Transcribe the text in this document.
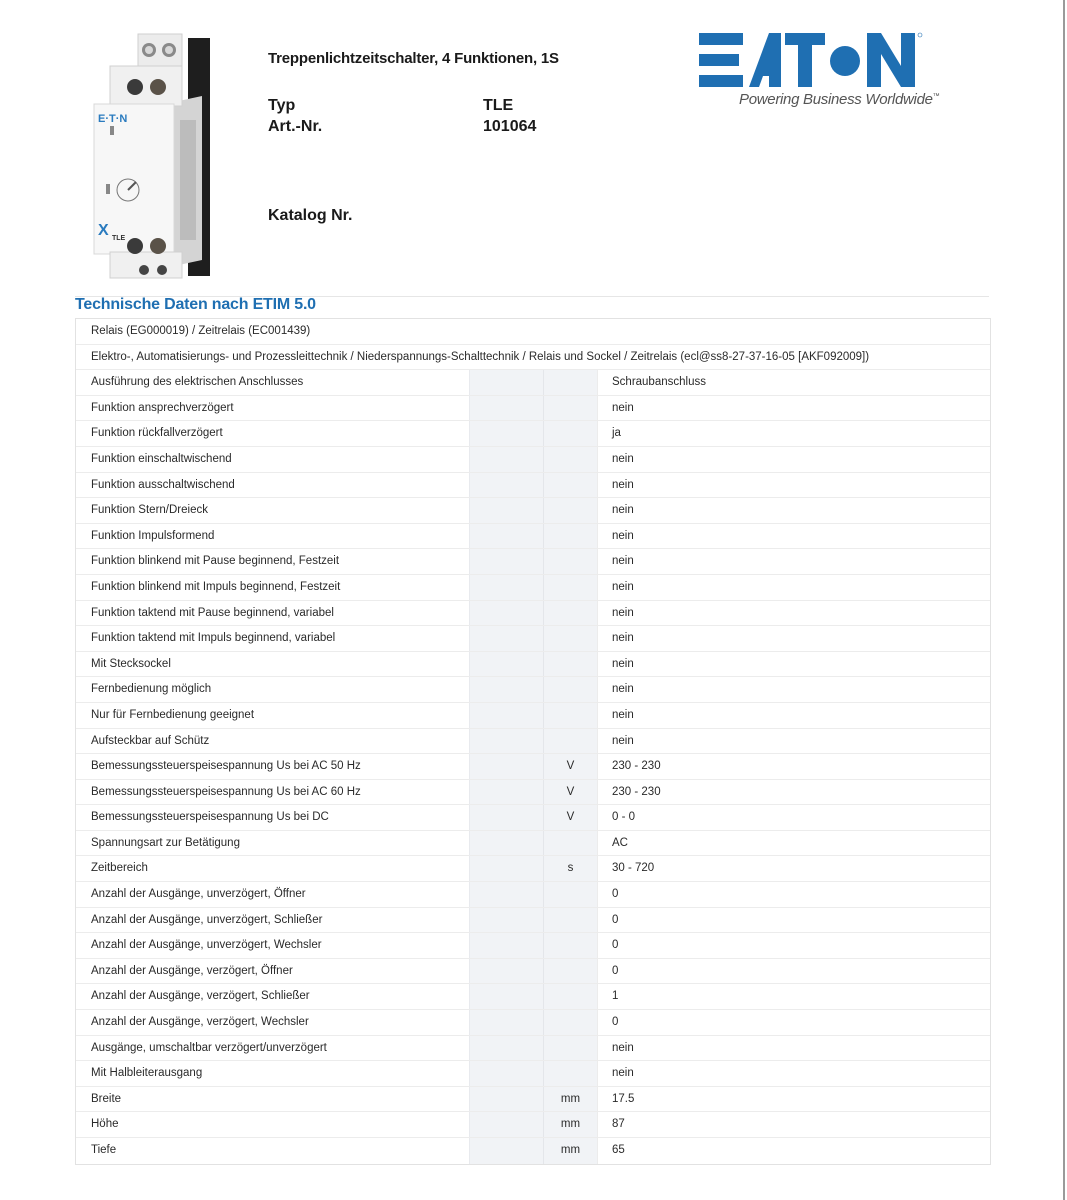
E·T·N
X TLE
Treppenlichtzeitschalter, 4 Funktionen, 1S
Typ	TLE
Art.-Nr.	101064
Katalog Nr.
Powering Business Worldwide™
Technische Daten nach ETIM 5.0
Relais (EG000019) / Zeitrelais (EC001439)
Elektro-, Automatisierungs- und Prozessleittechnik / Niederspannungs-Schalttechnik / Relais und Sockel / Zeitrelais (ecl@ss8-27-37-16-05 [AKF092009])
Ausführung des elektrischen Anschlusses	Schraubanschluss
Funktion ansprechverzögert	nein
Funktion rückfallverzögert	ja
Funktion einschaltwischend	nein
Funktion ausschaltwischend	nein
Funktion Stern/Dreieck	nein
Funktion Impulsformend	nein
Funktion blinkend mit Pause beginnend, Festzeit	nein
Funktion blinkend mit Impuls beginnend, Festzeit	nein
Funktion taktend mit Pause beginnend, variabel	nein
Funktion taktend mit Impuls beginnend, variabel	nein
Mit Stecksockel	nein
Fernbedienung möglich	nein
Nur für Fernbedienung geeignet	nein
Aufsteckbar auf Schütz	nein
Bemessungssteuerspeisespannung Us bei AC 50 Hz	V	230 - 230
Bemessungssteuerspeisespannung Us bei AC 60 Hz	V	230 - 230
Bemessungssteuerspeisespannung Us bei DC	V	0 - 0
Spannungsart zur Betätigung	AC
Zeitbereich	s	30 - 720
Anzahl der Ausgänge, unverzögert, Öffner	0
Anzahl der Ausgänge, unverzögert, Schließer	0
Anzahl der Ausgänge, unverzögert, Wechsler	0
Anzahl der Ausgänge, verzögert, Öffner	0
Anzahl der Ausgänge, verzögert, Schließer	1
Anzahl der Ausgänge, verzögert, Wechsler	0
Ausgänge, umschaltbar verzögert/unverzögert	nein
Mit Halbleiterausgang	nein
Breite	mm	17.5
Höhe	mm	87
Tiefe	mm	65
